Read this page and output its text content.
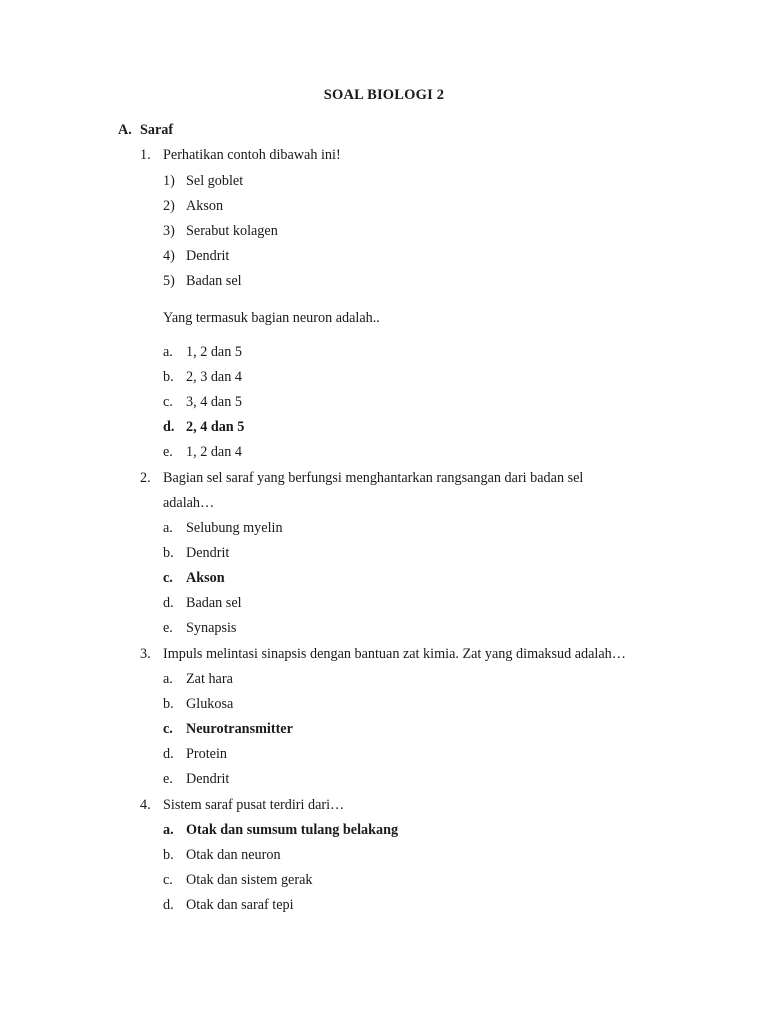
SOAL BIOLOGI 2
A. Saraf
1. Perhatikan contoh dibawah ini!
1) Sel goblet
2) Akson
3) Serabut kolagen
4) Dendrit
5) Badan sel
Yang termasuk bagian neuron adalah..
a. 1, 2 dan 5
b. 2, 3 dan 4
c. 3, 4 dan 5
d. 2, 4 dan 5
e. 1, 2 dan 4
2. Bagian sel saraf yang berfungsi menghantarkan rangsangan dari badan sel
adalah…
a. Selubung myelin
b. Dendrit
c. Akson
d. Badan sel
e. Synapsis
3. Impuls melintasi sinapsis dengan bantuan zat kimia. Zat yang dimaksud adalah…
a. Zat hara
b. Glukosa
c. Neurotransmitter
d. Protein
e. Dendrit
4. Sistem saraf pusat terdiri dari…
a. Otak dan sumsum tulang belakang
b. Otak dan neuron
c. Otak dan sistem gerak
d. Otak dan saraf tepi
